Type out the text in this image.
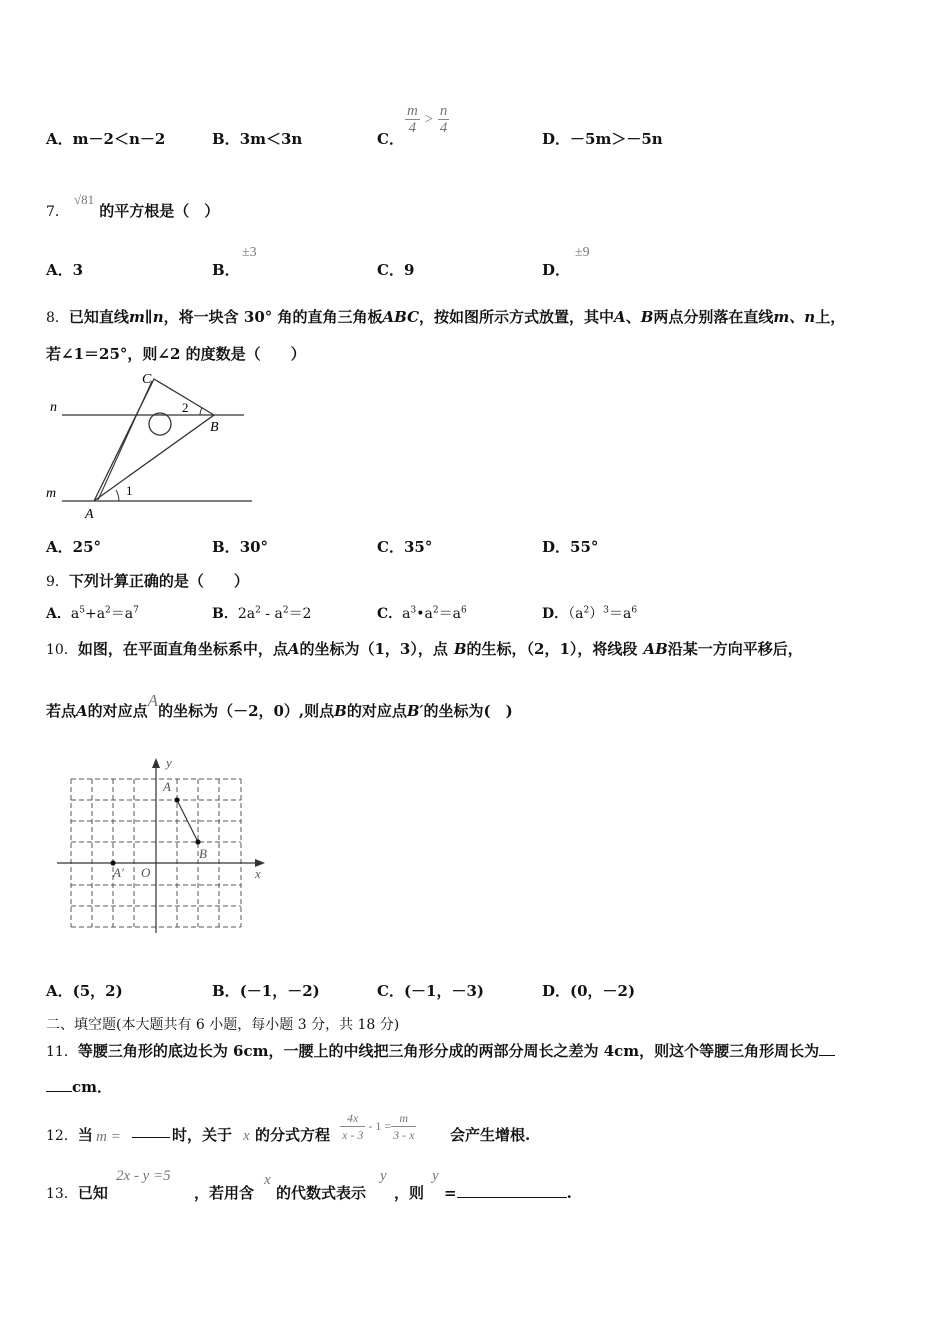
A．m－2＜n－2	B．3m＜3n	C．
$\frac{m}{4} > \frac{n}{4}$
D．－5m＞－5n
7． $^{√81}$ 的平方根是（　）
A．3	B．
±3
C．9	D．
±9
8．已知直线m∥n，将一块含 30° 角的直角三角板ABC，按如图所示方式放置，其中A、B两点分别落在直线m、n上，
若∠1＝25°，则∠2 的度数是（　　）
n
m
C
B
A
1
2
A．25°	B．30°	C．35°	D．55°
9．下列计算正确的是（　　）
A．$a^5+a^2=a^7$	B．$2a^2 - a^2=2$	C．$a^3•a^2=a^6$	D．$(a^2)^3=a^6$
10．如图，在平面直角坐标系中，点A的坐标为（1，3），点 B的生标，（2，1），将线段 AB沿某一方向平移后，
若点A的对应点A的坐标为（－2，0）,则点B的对应点B′的坐标为(　)
y
x
O
A
B
A′
A．(5，2)	B．(－1，－2)	C．(－1，－3)	D．(0，－2)
二、填空题(本大题共有 6 小题，每小题 3 分，共 18 分)
11．等腰三角形的底边长为 6cm，一腰上的中线把三角形分成的两部分周长之差为 4cm，则这个等腰三角形周长为
cm．
12．当 m =	时，关于 x 的分式方程 $\frac{4x}{x - 3} - 1 = \frac{m}{3 - x}$ 会产生增根.
13．已知
2x - y =5
，若用含
x
的代数式表示
y
，则
y
=	.
